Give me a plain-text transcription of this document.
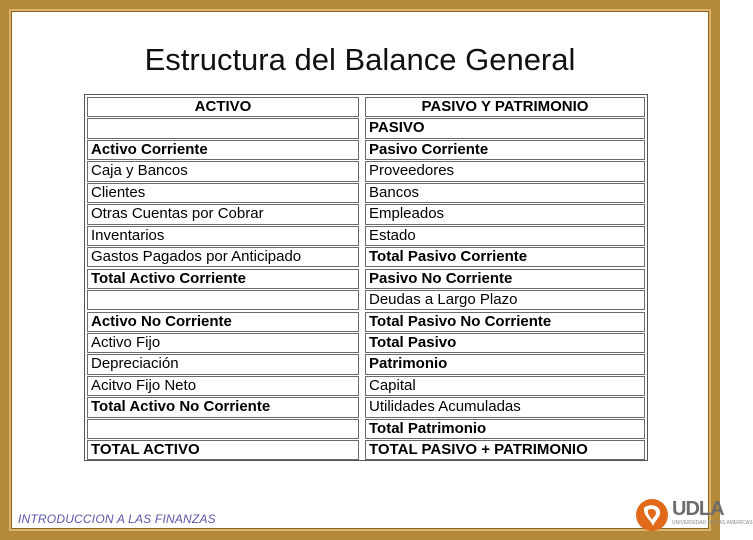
Estructura del Balance General
ACTIVO
Activo Corriente
Caja y Bancos
Clientes
Otras Cuentas por Cobrar
Inventarios
Gastos Pagados por Anticipado
Total Activo Corriente
Activo No Corriente
Activo Fijo
Depreciación
Acitvo Fijo Neto
Total Activo No Corriente
TOTAL ACTIVO
PASIVO Y PATRIMONIO
PASIVO
Pasivo Corriente
Proveedores
Bancos
Empleados
Estado
Total Pasivo Corriente
Pasivo No Corriente
Deudas a Largo Plazo
Total Pasivo No Corriente
Total Pasivo
Patrimonio
Capital
Utilidades Acumuladas
Total Patrimonio
TOTAL PASIVO + PATRIMONIO
INTRODUCCION A LAS FINANZAS	UDLA
UNIVERSIDAD DE LAS AMERICAS
